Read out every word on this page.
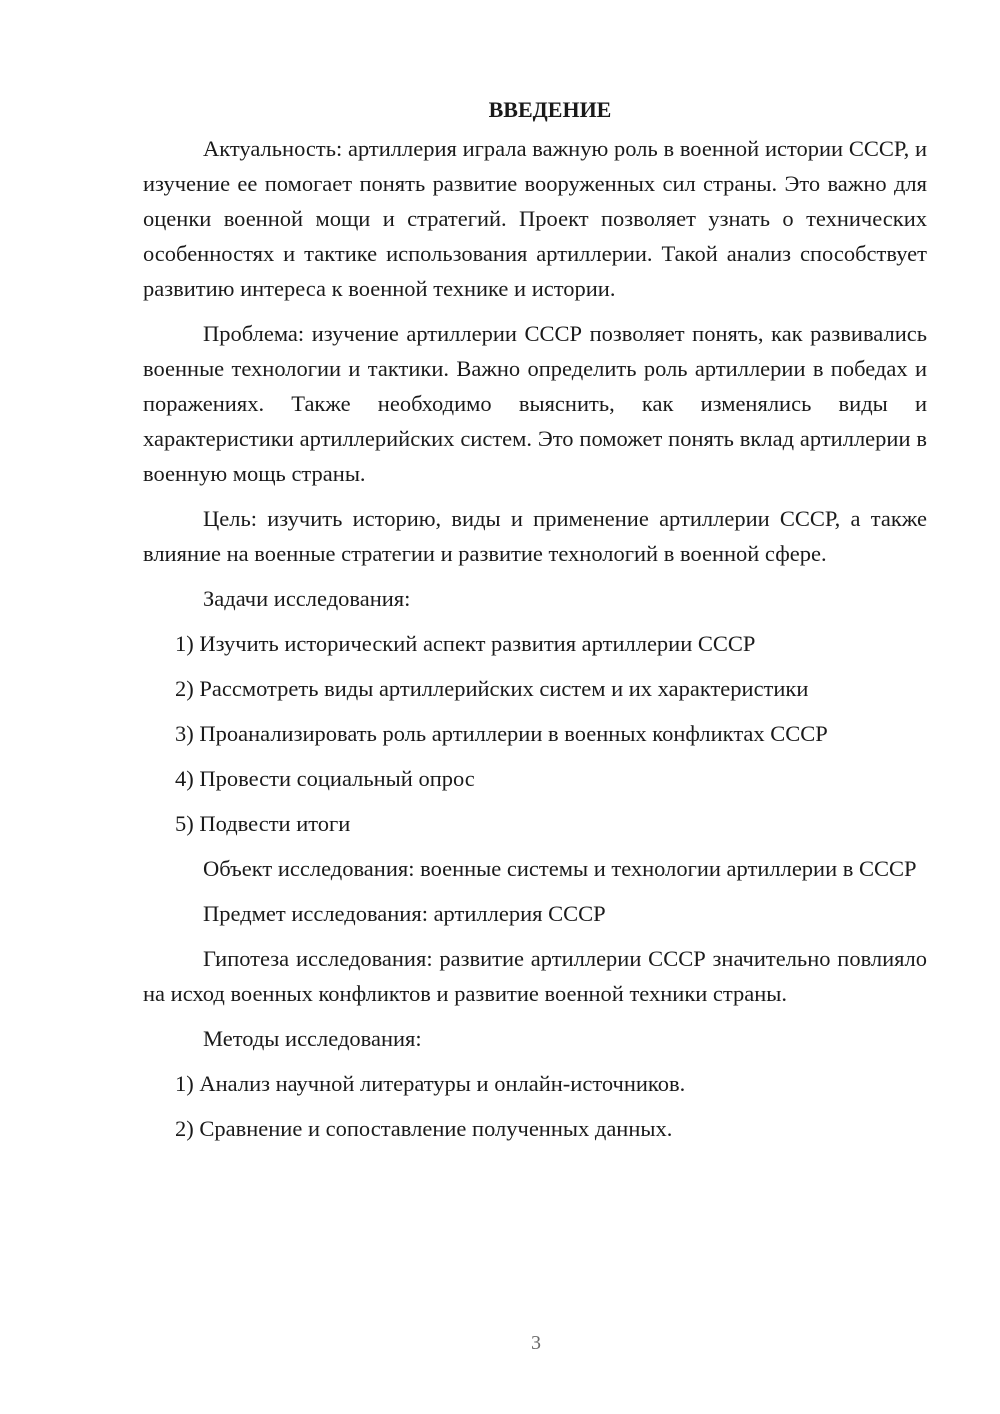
ВВЕДЕНИЕ

Актуальность: артиллерия играла важную роль в военной истории СССР, и изучение ее помогает понять развитие вооруженных сил страны. Это важно для оценки военной мощи и стратегий. Проект позволяет узнать о технических особенностях и тактике использования артиллерии. Такой анализ способствует развитию интереса к военной технике и истории.

Проблема: изучение артиллерии СССР позволяет понять, как развивались военные технологии и тактики. Важно определить роль артиллерии в победах и поражениях. Также необходимо выяснить, как изменялись виды и характеристики артиллерийских систем. Это поможет понять вклад артиллерии в военную мощь страны.

Цель: изучить историю, виды и применение артиллерии СССР, а также влияние на военные стратегии и развитие технологий в военной сфере.

Задачи исследования:

1) Изучить исторический аспект развития артиллерии СССР
2) Рассмотреть виды артиллерийских систем и их характеристики
3) Проанализировать роль артиллерии в военных конфликтах СССР
4) Провести социальный опрос
5) Подвести итоги

Объект исследования: военные системы и технологии артиллерии в СССР

Предмет исследования: артиллерия СССР

Гипотеза исследования: развитие артиллерии СССР значительно повлияло на исход военных конфликтов и развитие военной техники страны.

Методы исследования:

1) Анализ научной литературы и онлайн-источников.
2) Сравнение и сопоставление полученных данных.
3
